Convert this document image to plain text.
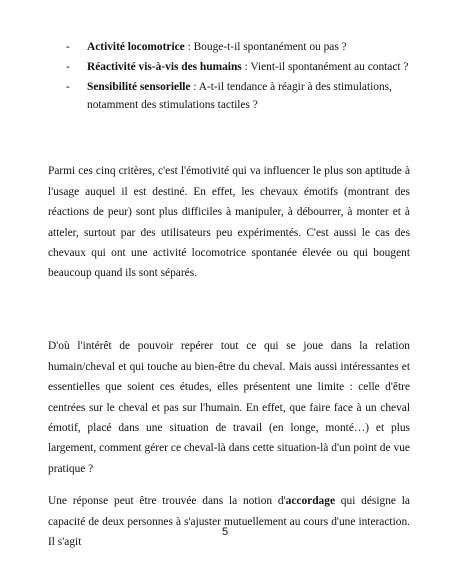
- Activité locomotrice : Bouge-t-il spontanément ou pas ?
- Réactivité vis-à-vis des humains : Vient-il spontanément au contact ?
- Sensibilité sensorielle : A-t-il tendance à réagir à des stimulations, notamment des stimulations tactiles ?

Parmi ces cinq critères, c'est l'émotivité qui va influencer le plus son aptitude à l'usage auquel il est destiné. En effet, les chevaux émotifs (montrant des réactions de peur) sont plus difficiles à manipuler, à débourrer, à monter et à atteler, surtout par des utilisateurs peu expérimentés. C'est aussi le cas des chevaux qui ont une activité locomotrice spontanée élevée ou qui bougent beaucoup quand ils sont séparés.

D'où l'intérêt de pouvoir repérer tout ce qui se joue dans la relation humain/cheval et qui touche au bien-être du cheval. Mais aussi intéressantes et essentielles que soient ces études, elles présentent une limite : celle d'être centrées sur le cheval et pas sur l'humain. En effet, que faire face à un cheval émotif, placé dans une situation de travail (en longe, monté…) et plus largement, comment gérer ce cheval-là dans cette situation-là d'un point de vue pratique ?

Une réponse peut être trouvée dans la notion d'accordage qui désigne la capacité de deux personnes à s'ajuster mutuellement au cours d'une interaction. Il s'agit

5
